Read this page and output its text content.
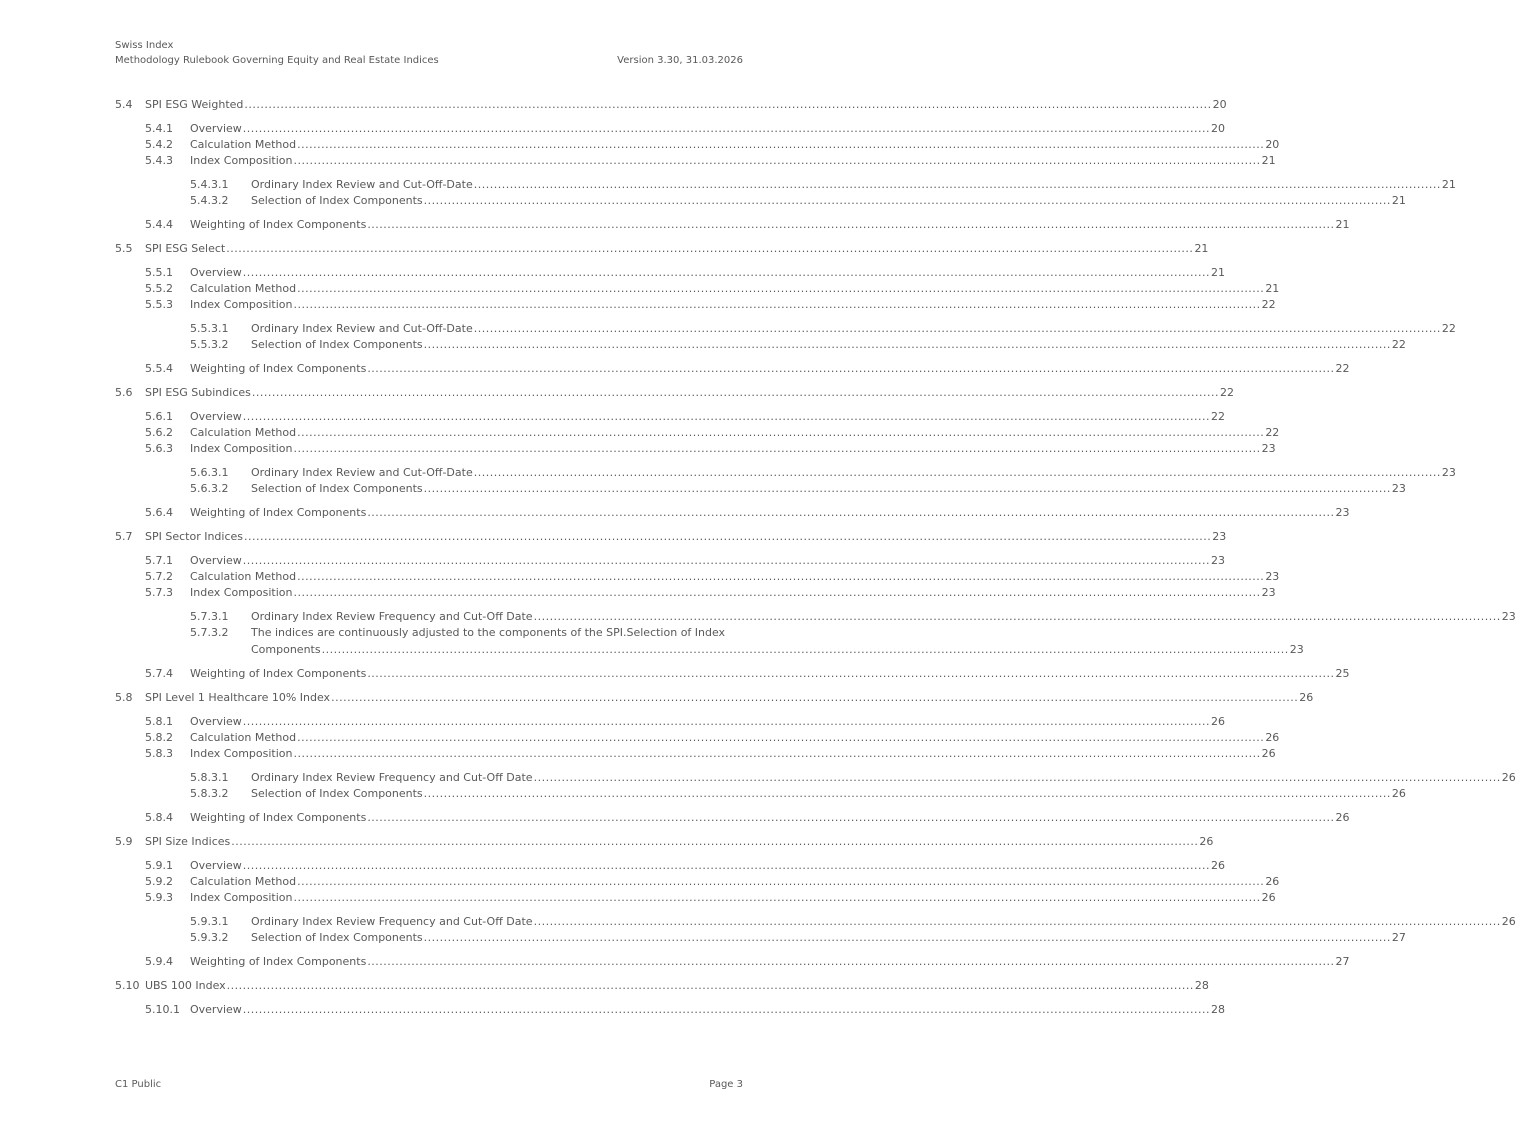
Swiss Index
Methodology Rulebook Governing Equity and Real Estate Indices	Version 3.30, 31.03.2026
5.4	SPI ESG Weighted .....	20
5.4.1	Overview .....	20
5.4.2	Calculation Method .....	20
5.4.3	Index Composition .....	21
5.4.3.1	Ordinary Index Review and Cut-Off-Date .....	21
5.4.3.2	Selection of Index Components .....	21
5.4.4	Weighting of Index Components .....	21
5.5	SPI ESG Select .....	21
5.5.1	Overview .....	21
5.5.2	Calculation Method .....	21
5.5.3	Index Composition .....	22
5.5.3.1	Ordinary Index Review and Cut-Off-Date .....	22
5.5.3.2	Selection of Index Components .....	22
5.5.4	Weighting of Index Components .....	22
5.6	SPI ESG Subindices .....	22
5.6.1	Overview .....	22
5.6.2	Calculation Method .....	22
5.6.3	Index Composition .....	23
5.6.3.1	Ordinary Index Review and Cut-Off-Date .....	23
5.6.3.2	Selection of Index Components .....	23
5.6.4	Weighting of Index Components .....	23
5.7	SPI Sector Indices .....	23
5.7.1	Overview .....	23
5.7.2	Calculation Method .....	23
5.7.3	Index Composition .....	23
5.7.3.1	Ordinary Index Review Frequency and Cut-Off Date .....	23
5.7.3.2	The indices are continuously adjusted to the components of the SPI.Selection of Index
Components .....	23
5.7.4	Weighting of Index Components .....	25
5.8	SPI Level 1 Healthcare 10% Index .....	26
5.8.1	Overview .....	26
5.8.2	Calculation Method .....	26
5.8.3	Index Composition .....	26
5.8.3.1	Ordinary Index Review Frequency and Cut-Off Date .....	26
5.8.3.2	Selection of Index Components .....	26
5.8.4	Weighting of Index Components .....	26
5.9	SPI Size Indices .....	26
5.9.1	Overview .....	26
5.9.2	Calculation Method .....	26
5.9.3	Index Composition .....	26
5.9.3.1	Ordinary Index Review Frequency and Cut-Off Date .....	26
5.9.3.2	Selection of Index Components .....	27
5.9.4	Weighting of Index Components .....	27
5.10 UBS 100 Index .....	28
5.10.1 Overview .....	28
C1 Public	Page 3
